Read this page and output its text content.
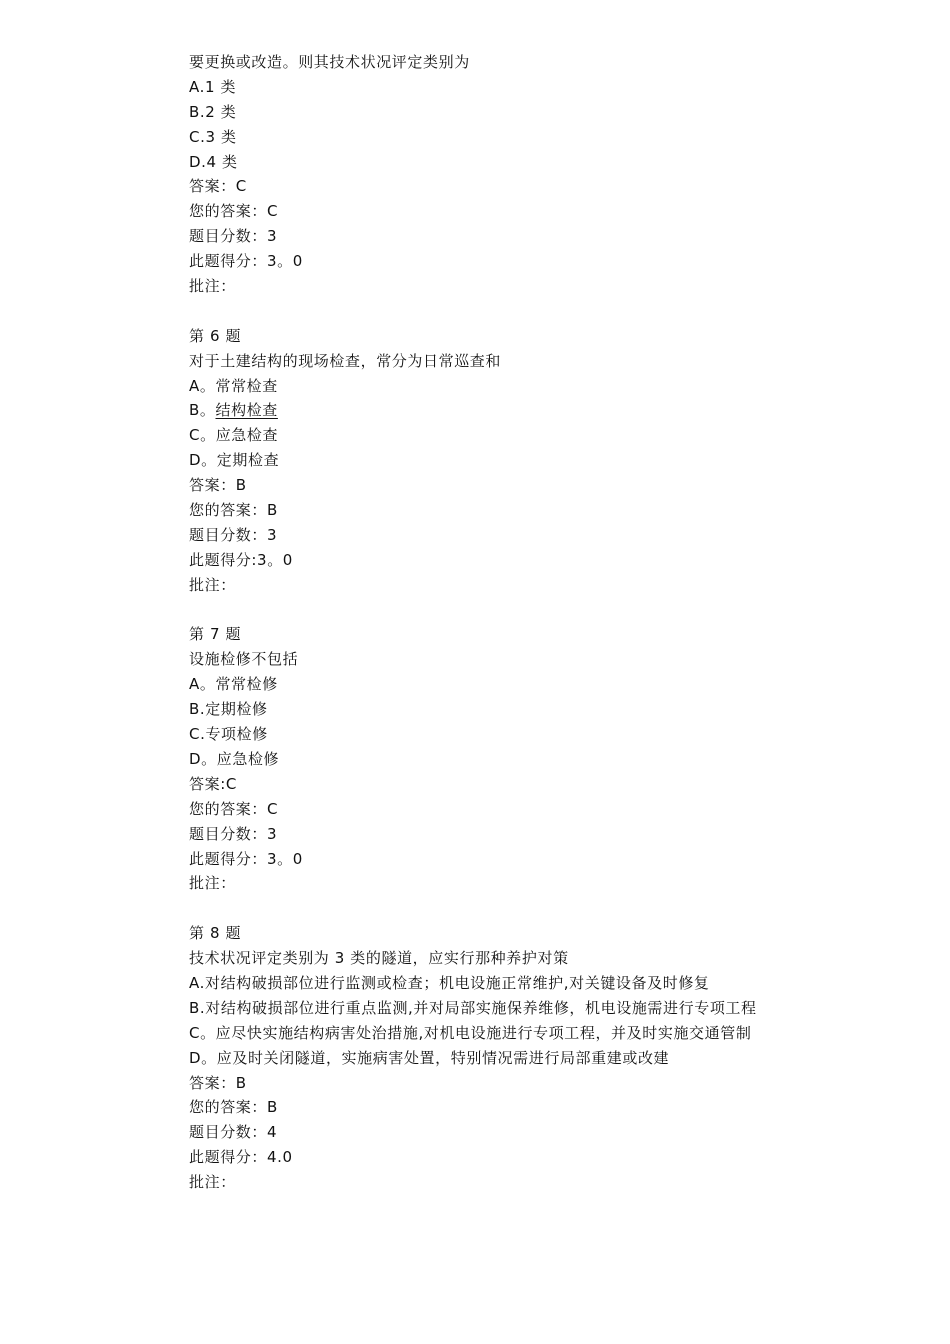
要更换或改造。则其技术状况评定类别为
A.1 类
B.2 类
C.3 类
D.4 类
答案：C
您的答案：C
题目分数：3
此题得分：3。0
批注：
第 6 题
对于土建结构的现场检查，常分为日常巡查和
A。常常检查
B。结构检查
C。应急检查
D。定期检查
答案：B
您的答案：B
题目分数：3
此题得分:3。0
批注：
第 7 题
设施检修不包括
A。常常检修
B.定期检修
C.专项检修
D。应急检修
答案:C
您的答案：C
题目分数：3
此题得分：3。0
批注：
第 8 题
技术状况评定类别为 3 类的隧道，应实行那种养护对策
A.对结构破损部位进行监测或检查；机电设施正常维护,对关键设备及时修复
B.对结构破损部位进行重点监测,并对局部实施保养维修，机电设施需进行专项工程
C。应尽快实施结构病害处治措施,对机电设施进行专项工程，并及时实施交通管制
D。应及时关闭隧道，实施病害处置，特别情况需进行局部重建或改建
答案：B
您的答案：B
题目分数：4
此题得分：4.0
批注：
